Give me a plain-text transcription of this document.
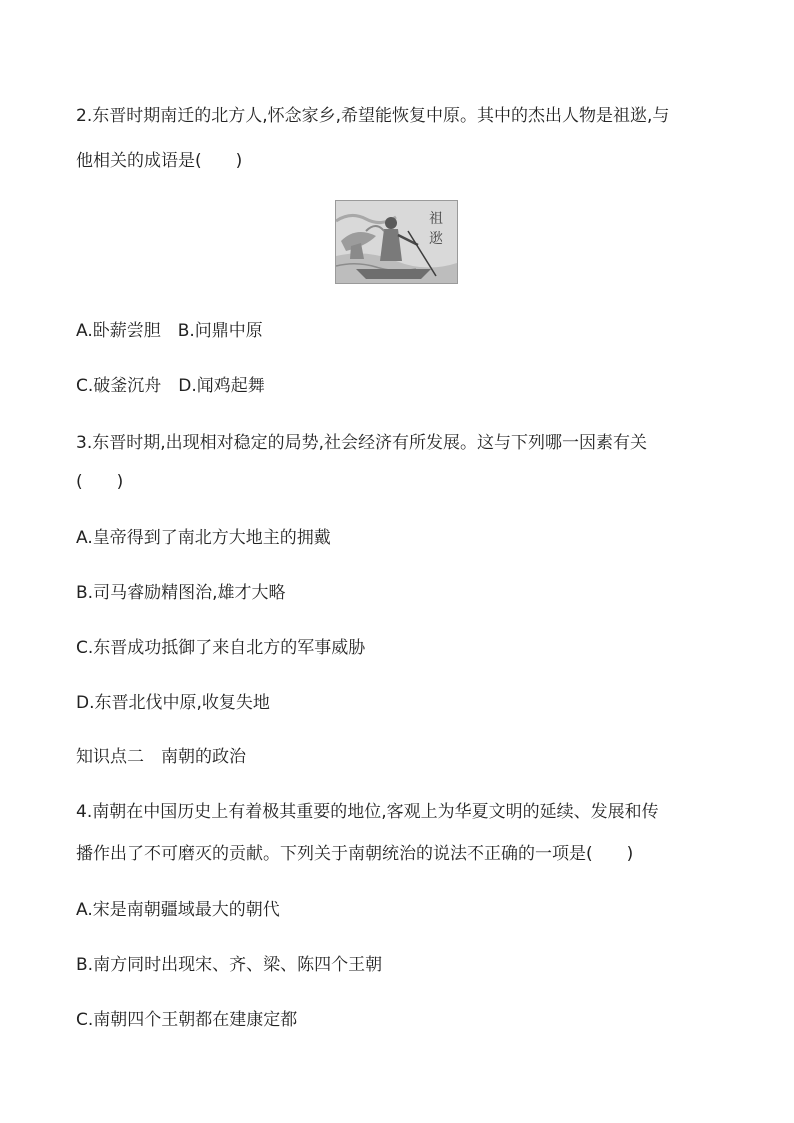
2.东晋时期南迁的北方人,怀念家乡,希望能恢复中原。其中的杰出人物是祖逖,与
他相关的成语是(　　)
祖逖
A.卧薪尝胆　B.问鼎中原
C.破釜沉舟　D.闻鸡起舞
3.东晋时期,出现相对稳定的局势,社会经济有所发展。这与下列哪一因素有关
(　　)
A.皇帝得到了南北方大地主的拥戴
B.司马睿励精图治,雄才大略
C.东晋成功抵御了来自北方的军事威胁
D.东晋北伐中原,收复失地
知识点二　南朝的政治
4.南朝在中国历史上有着极其重要的地位,客观上为华夏文明的延续、发展和传
播作出了不可磨灭的贡献。下列关于南朝统治的说法不正确的一项是(　　)
A.宋是南朝疆域最大的朝代
B.南方同时出现宋、齐、梁、陈四个王朝
C.南朝四个王朝都在建康定都
